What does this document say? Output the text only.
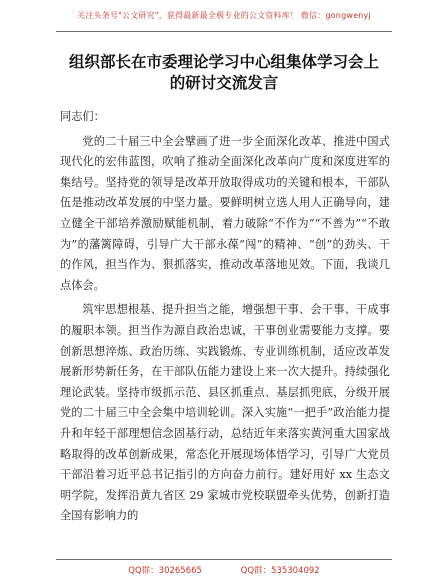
关注头条号"公文研究"，获得最新最全极专业的公文资料库！ 微信：gongwenyj
组织部长在市委理论学习中心组集体学习会上
的研讨交流发言

同志们：

党的二十届三中全会擘画了进一步全面深化改革、推进中国式现代化的宏伟蓝图，吹响了推动全面深化改革向广度和深度进军的集结号。坚持党的领导是改革开放取得成功的关键和根本，干部队伍是推动改革发展的中坚力量。要鲜明树立选人用人正确导向，建立健全干部培养激励赋能机制，着力破除“不作为”“不善为”“不敢为”的藩篱障碍，引导广大干部永葆“闯”的精神、“创”的劲头、干的作风，担当作为、狠抓落实，推动改革落地见效。下面，我谈几点体会。

筑牢思想根基、提升担当之能，增强想干事、会干事、干成事的履职本领。担当作为源自政治忠诚，干事创业需要能力支撑。要创新思想淬炼、政治历练、实践锻炼、专业训练机制，适应改革发展新形势新任务，在干部队伍能力建设上来一次大提升。持续强化理论武装。坚持市级抓示范、县区抓重点、基层抓兜底，分级开展党的二十届三中全会集中培训轮训。深入实施“一把手”政治能力提升和年轻干部理想信念固基行动，总结近年来落实黄河重大国家战略取得的改革创新成果，常态化开展现场体悟学习，引导广大党员干部沿着习近平总书记指引的方向奋力前行。建好用好 xx 生态文明学院，发挥沿黄九省区 29 家城市党校联盟牵头优势，创新打造全国有影响力的

QQ群：30265665	QQ群：535304092
